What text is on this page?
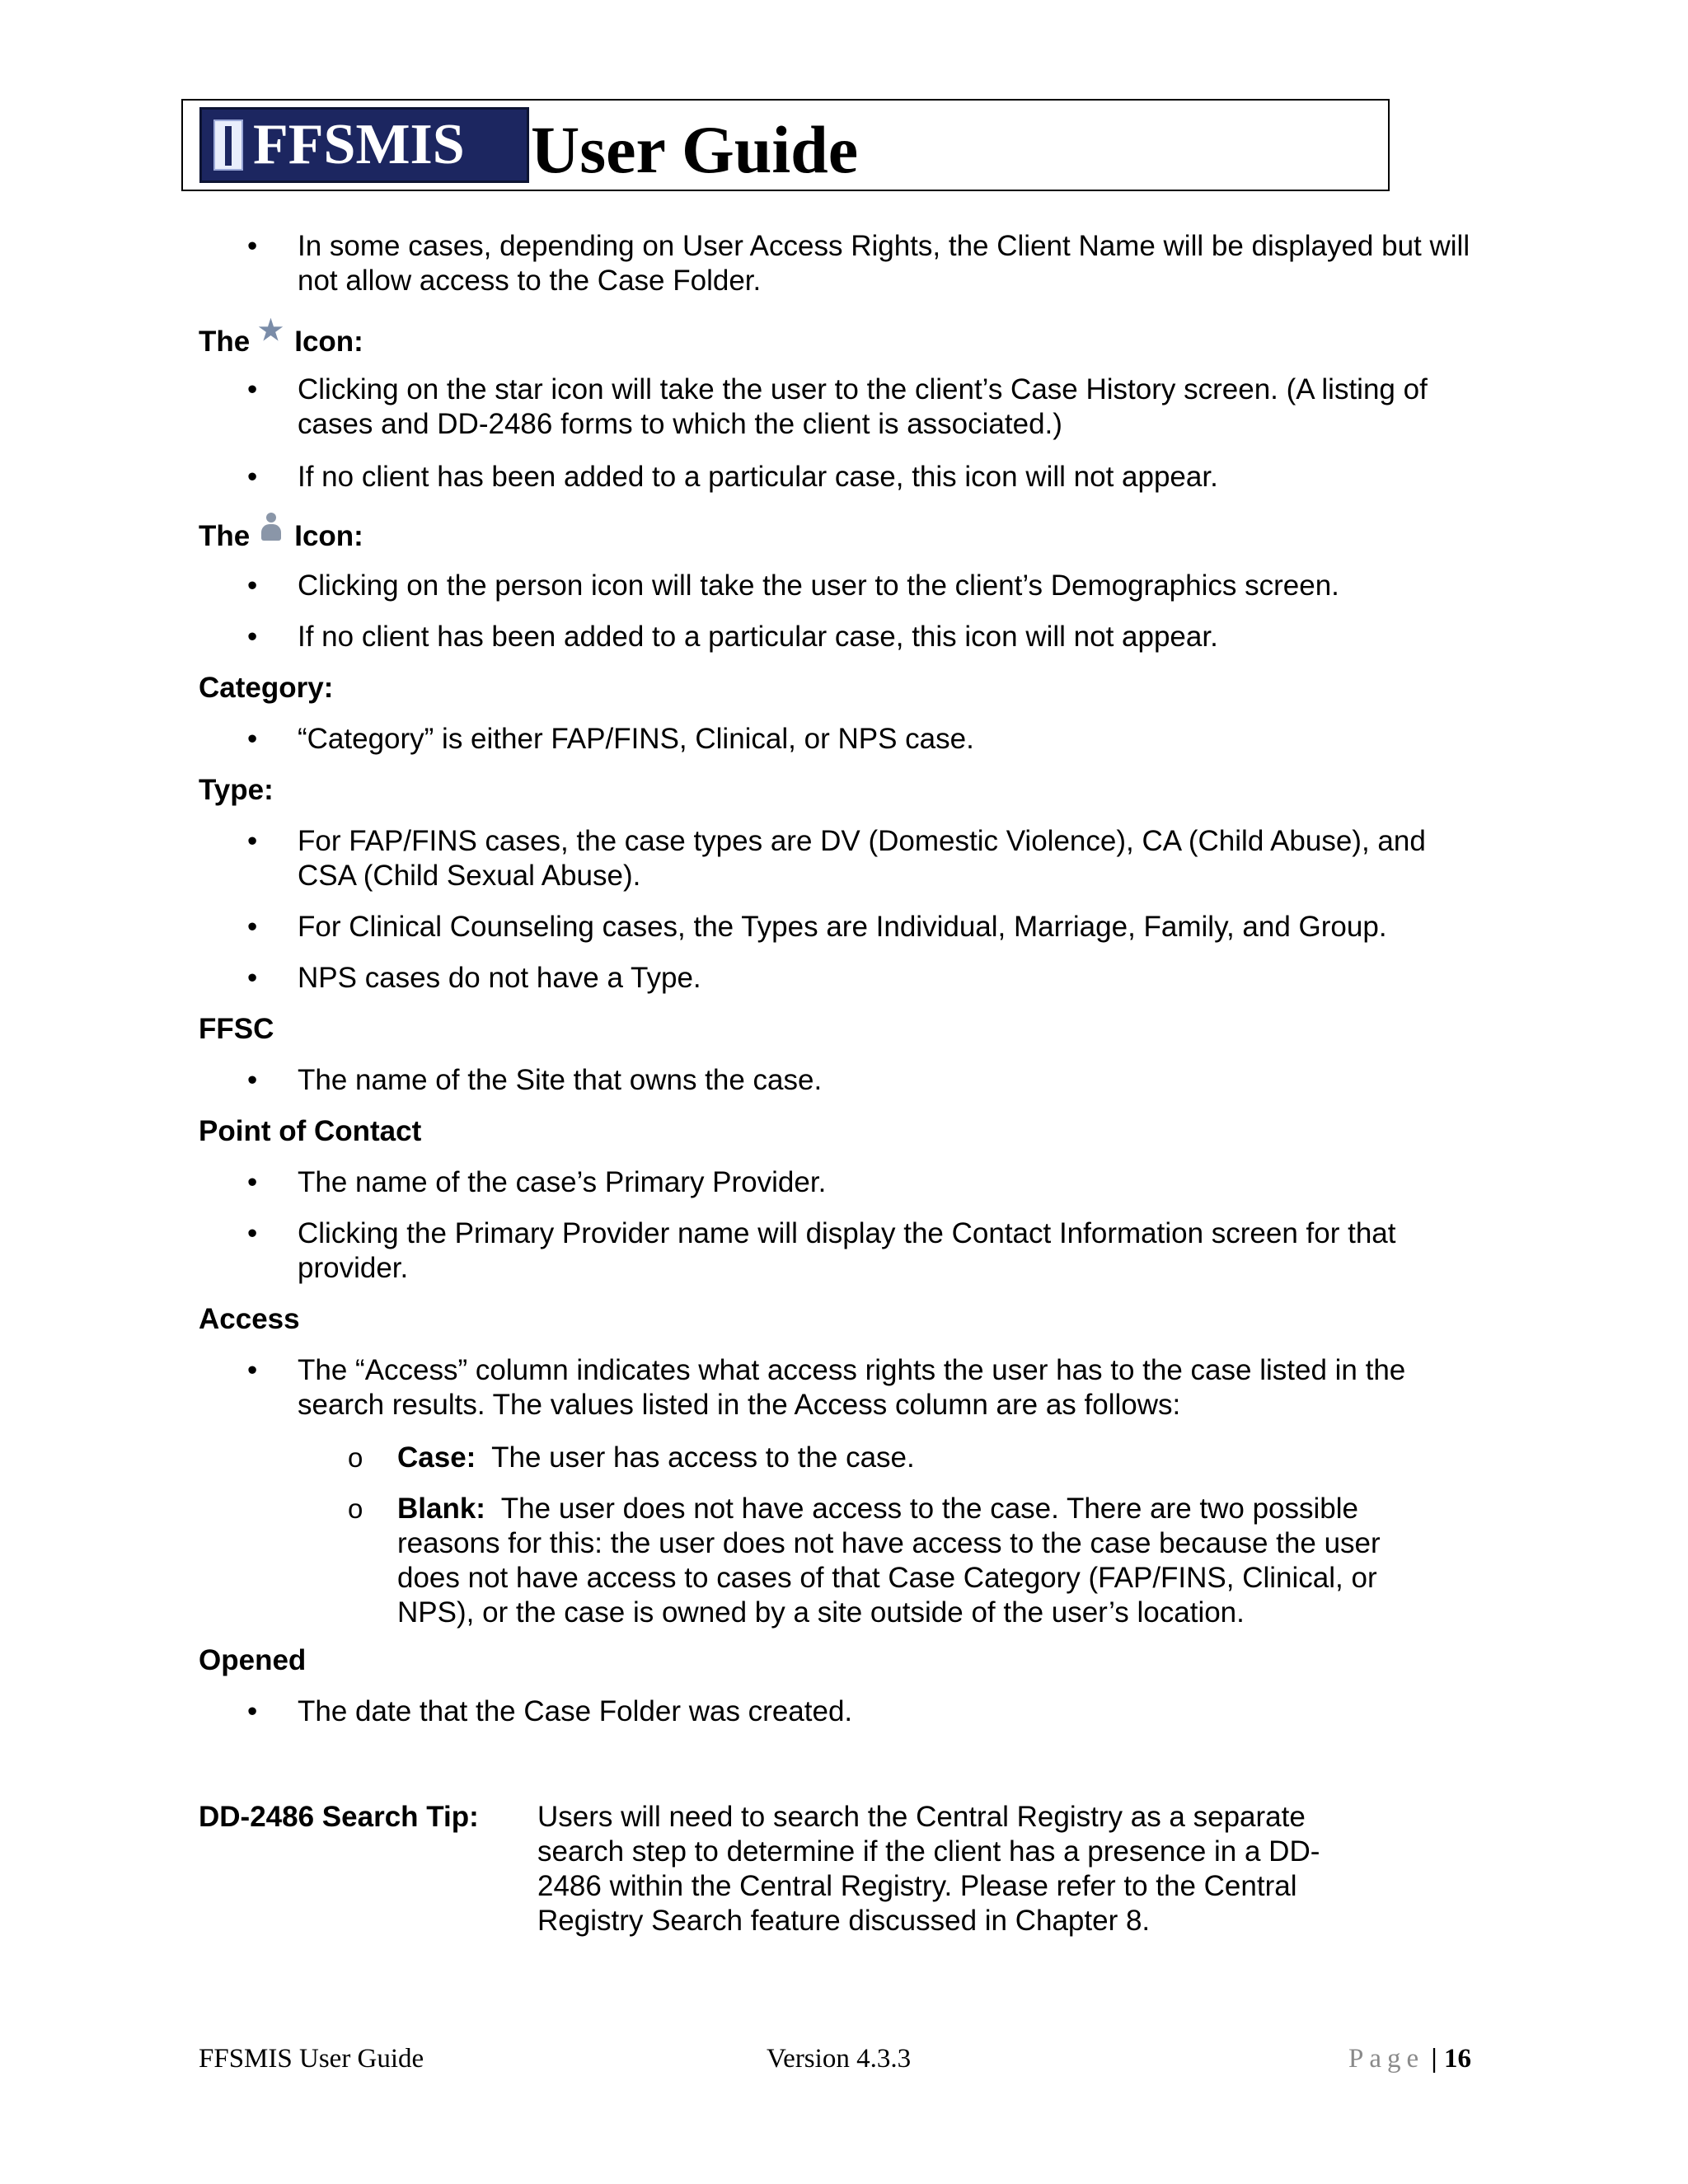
FFSMIS User Guide
• In some cases, depending on User Access Rights, the Client Name will be displayed but will not allow access to the Case Folder.
The ★ Icon:
• Clicking on the star icon will take the user to the client’s Case History screen. (A listing of cases and DD-2486 forms to which the client is associated.)
• If no client has been added to a particular case, this icon will not appear.
The Icon:
• Clicking on the person icon will take the user to the client’s Demographics screen.
• If no client has been added to a particular case, this icon will not appear.
Category:
• “Category” is either FAP/FINS, Clinical, or NPS case.
Type:
• For FAP/FINS cases, the case types are DV (Domestic Violence), CA (Child Abuse), and CSA (Child Sexual Abuse).
• For Clinical Counseling cases, the Types are Individual, Marriage, Family, and Group.
• NPS cases do not have a Type.
FFSC
• The name of the Site that owns the case.
Point of Contact
• The name of the case’s Primary Provider.
• Clicking the Primary Provider name will display the Contact Information screen for that provider.
Access
• The “Access” column indicates what access rights the user has to the case listed in the search results. The values listed in the Access column are as follows:
o Case:  The user has access to the case.
o Blank:  The user does not have access to the case. There are two possible reasons for this: the user does not have access to the case because the user does not have access to cases of that Case Category (FAP/FINS, Clinical, or NPS), or the case is owned by a site outside of the user’s location.
Opened
• The date that the Case Folder was created.
DD-2486 Search Tip: Users will need to search the Central Registry as a separate search step to determine if the client has a presence in a DD-2486 within the Central Registry. Please refer to the Central Registry Search feature discussed in Chapter 8.
FFSMIS User Guide	Version 4.3.3	Page | 16
